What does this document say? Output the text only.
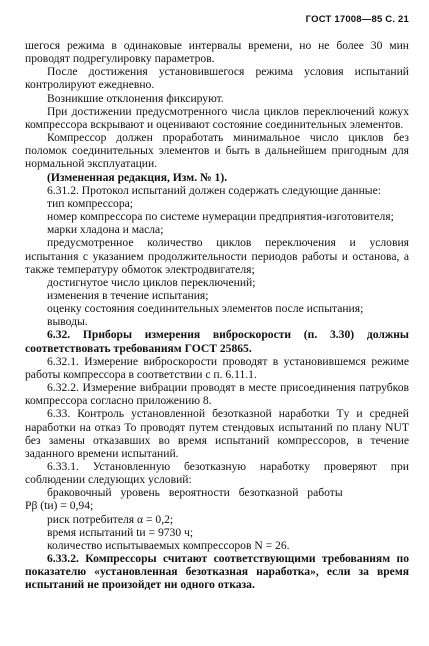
ГОСТ 17008—85 С. 21

шегося режима в одинаковые интервалы времени, но не более 30 мин проводят подрегулировку параметров.

После достижения установившегося режима условия испытаний контролируют ежедневно.

Возникшие отклонения фиксируют.

При достижении предусмотренного числа циклов переключений кожух компрессора вскрывают и оценивают состояние соединительных элементов.

Компрессор должен проработать минимальное число циклов без поломок соединительных элементов и быть в дальнейшем пригодным для нормальной эксплуатации.

(Измененная редакция, Изм. № 1).

6.31.2. Протокол испытаний должен содержать следующие данные:

тип компрессора;

номер компрессора по системе нумерации предприятия-изготовителя;

марки хладона и масла;

предусмотренное количество циклов переключения и условия испытания с указанием продолжительности периодов работы и останова, а также температуру обмоток электродвигателя;

достигнутое число циклов переключений;

изменения в течение испытания;

оценку состояния соединительных элементов после испытания;

выводы.

6.32. Приборы измерения виброскорости (п. 3.30) должны соответствовать требованиям ГОСТ 25865.

6.32.1. Измерение виброскорости проводят в установившемся режиме работы компрессора в соответствии с п. 6.11.1.

6.32.2. Измерение вибрации проводят в месте присоединения патрубков компрессора согласно приложению 8.

6.33. Контроль установленной безотказной наработки Tу и средней наработки на отказ To проводят путем стендовых испытаний по плану NUT без замены отказавших во время испытаний компрессоров, в течение заданного времени испытаний.

6.33.1. Установленную безотказную наработку проверяют при соблюдении следующих условий:

браковочный уровень вероятности безотказной работы

Pβ (tи) = 0,94;

риск потребителя α = 0,2;

время испытаний tи = 9730 ч;

количество испытываемых компрессоров N = 26.

6.33.2. Компрессоры считают соответствующими требованиям по показателю «установленная безотказная наработка», если за время испытаний не произойдет ни одного отказа.
